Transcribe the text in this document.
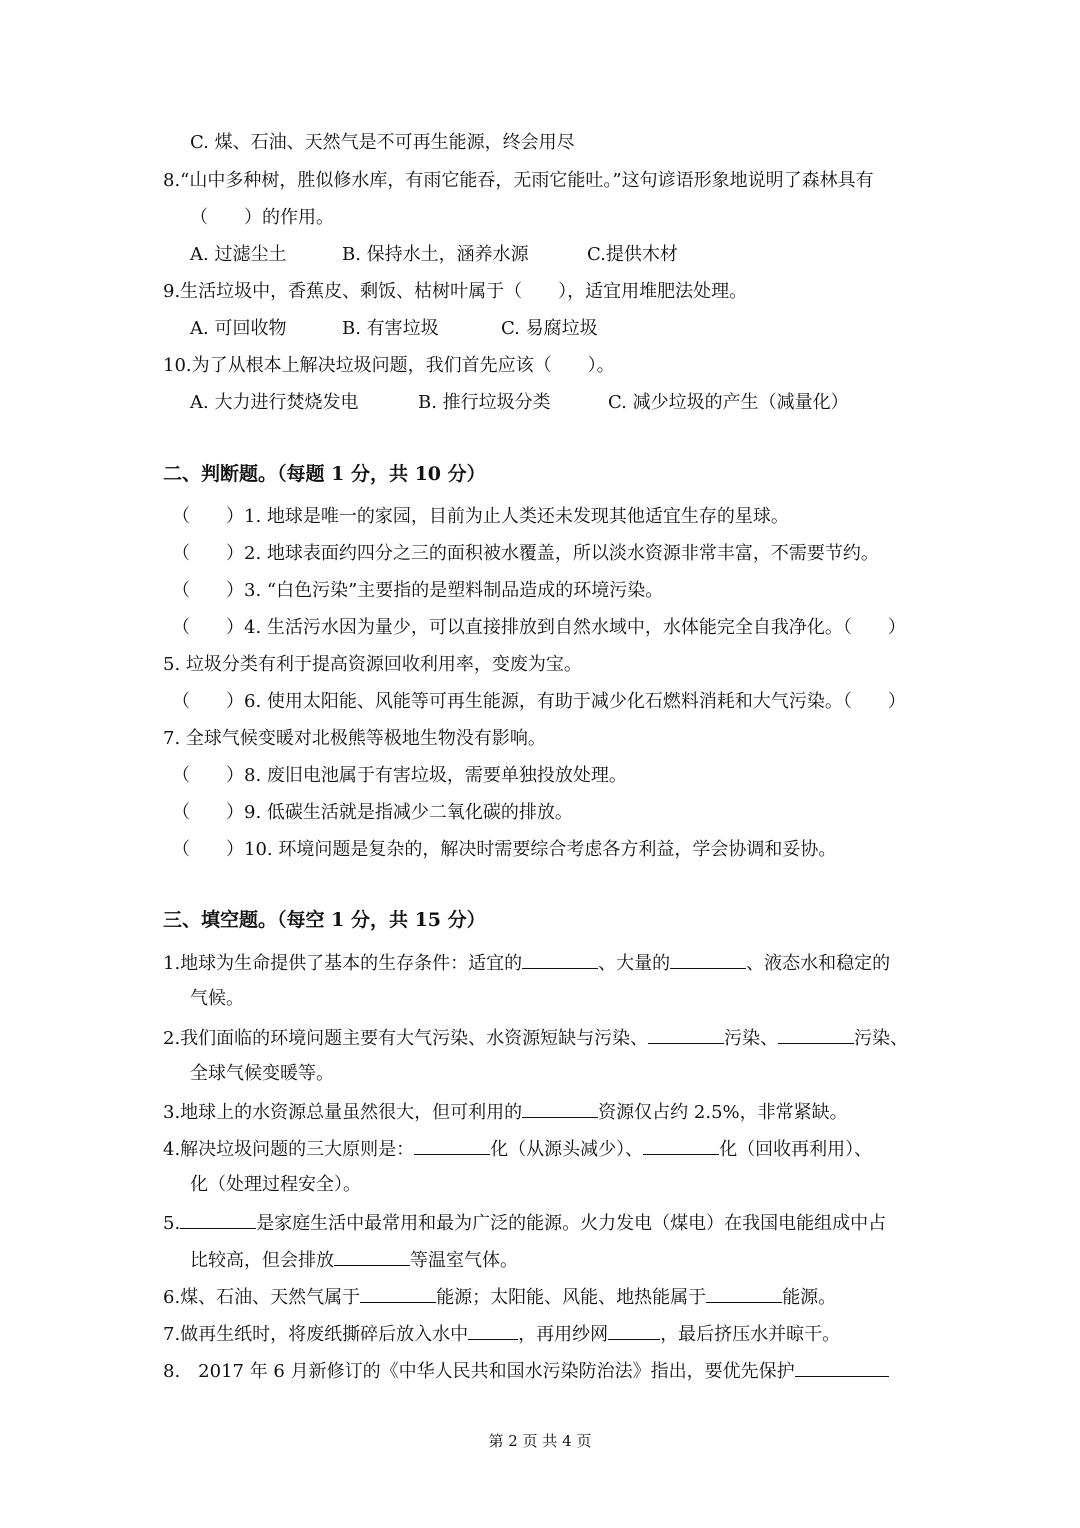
C. 煤、石油、天然气是不可再生能源，终会用尽
8.“山中多种树，胜似修水库，有雨它能吞，无雨它能吐。”这句谚语形象地说明了森林具有
（　　）的作用。
A. 过滤尘土	B. 保持水土，涵养水源	C.提供木材
9.生活垃圾中，香蕉皮、剩饭、枯树叶属于（　　），适宜用堆肥法处理。
A. 可回收物	B. 有害垃圾	C. 易腐垃圾
10.为了从根本上解决垃圾问题，我们首先应该（　　）。
A. 大力进行焚烧发电	B. 推行垃圾分类	C. 减少垃圾的产生（减量化）
二、判断题。（每题 1 分，共 10 分）
（　　）1. 地球是唯一的家园，目前为止人类还未发现其他适宜生存的星球。
（　　）2. 地球表面约四分之三的面积被水覆盖，所以淡水资源非常丰富，不需要节约。
（　　）3. “白色污染”主要指的是塑料制品造成的环境污染。
（　　）4. 生活污水因为量少，可以直接排放到自然水域中，水体能完全自我净化。（　　）
5. 垃圾分类有利于提高资源回收利用率，变废为宝。
（　　）6. 使用太阳能、风能等可再生能源，有助于减少化石燃料消耗和大气污染。（　　）
7. 全球气候变暖对北极熊等极地生物没有影响。
（　　）8. 废旧电池属于有害垃圾，需要单独投放处理。
（　　）9. 低碳生活就是指减少二氧化碳的排放。
（　　）10. 环境问题是复杂的，解决时需要综合考虑各方利益，学会协调和妥协。
三、填空题。（每空 1 分，共 15 分）
1.地球为生命提供了基本的生存条件：适宜的	、大量的	、液态水和稳定的
气候。
2.我们面临的环境问题主要有大气污染、水资源短缺与污染、	污染、	污染、
全球气候变暖等。
3.地球上的水资源总量虽然很大，但可利用的	资源仅占约 2.5%，非常紧缺。
4.解决垃圾问题的三大原则是：	化（从源头减少）、	化（回收再利用）、
化（处理过程安全）。
5.	是家庭生活中最常用和最为广泛的能源。火力发电（煤电）在我国电能组成中占
比较高，但会排放	等温室气体。
6.煤、石油、天然气属于	能源；太阳能、风能、地热能属于	能源。
7.做再生纸时，将废纸撕碎后放入水中	，再用纱网	，最后挤压水并晾干。
8.　2017 年 6 月新修订的《中华人民共和国水污染防治法》指出，要优先保护
第 2 页 共 4 页
